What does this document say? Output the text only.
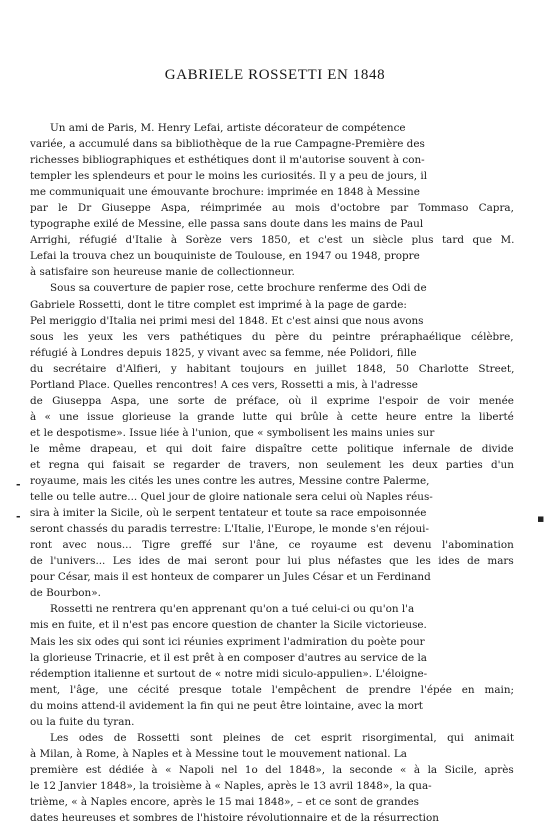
GABRIELE ROSSETTI EN 1848
Un ami de Paris, M. Henry Lefai, artiste décorateur de compétence
variée, a accumulé dans sa bibliothèque de la rue Campagne-Première des
richesses bibliographiques et esthétiques dont il m'autorise souvent à con-
templer les splendeurs et pour le moins les curiosités. Il y a peu de jours, il
me communiquait une émouvante brochure: imprimée en 1848 à Messine
par le Dr Giuseppe Aspa, réimprimée au mois d'octobre par Tommaso Capra,
typographe exilé de Messine, elle passa sans doute dans les mains de Paul
Arrighi, réfugié d'Italie à Sorèze vers 1850, et c'est un siècle plus tard que M.
Lefai la trouva chez un bouquiniste de Toulouse, en 1947 ou 1948, propre
à satisfaire son heureuse manie de collectionneur.
Sous sa couverture de papier rose, cette brochure renferme des Odi de
Gabriele Rossetti, dont le titre complet est imprimé à la page de garde:
Pel meriggio d'Italia nei primi mesi del 1848. Et c'est ainsi que nous avons
sous les yeux les vers pathétiques du père du peintre préraphaélique célèbre,
réfugié à Londres depuis 1825, y vivant avec sa femme, née Polidori, fille
du secrétaire d'Alfieri, y habitant toujours en juillet 1848, 50 Charlotte Street,
Portland Place. Quelles rencontres! A ces vers, Rossetti a mis, à l'adresse
de Giuseppa Aspa, une sorte de préface, où il exprime l'espoir de voir menée
à « une issue glorieuse la grande lutte qui brûle à cette heure entre la liberté
et le despotisme». Issue liée à l'union, que « symbolisent les mains unies sur
le même drapeau, et qui doit faire dispaître cette politique infernale de divide
et regna qui faisait se regarder de travers, non seulement les deux parties d'un
royaume, mais les cités les unes contre les autres, Messine contre Palerme,
telle ou telle autre... Quel jour de gloire nationale sera celui où Naples réus-
sira à imiter la Sicile, où le serpent tentateur et toute sa race empoisonnée
seront chassés du paradis terrestre: L'Italie, l'Europe, le monde s'en réjoui-
ront avec nous... Tigre greffé sur l'âne, ce royaume est devenu l'abomination
de l'univers... Les ides de mai seront pour lui plus néfastes que les ides de mars
pour César, mais il est honteux de comparer un Jules César et un Ferdinand
de Bourbon».
Rossetti ne rentrera qu'en apprenant qu'on a tué celui-ci ou qu'on l'a
mis en fuite, et il n'est pas encore question de chanter la Sicile victorieuse.
Mais les six odes qui sont ici réunies expriment l'admiration du poète pour
la glorieuse Trinacrie, et il est prêt à en composer d'autres au service de la
rédemption italienne et surtout de « notre midi siculo-appulien». L'éloigne-
ment, l'âge, une cécité presque totale l'empêchent de prendre l'épée en main;
du moins attend-il avidement la fin qui ne peut être lointaine, avec la mort
ou la fuite du tyran.
Les odes de Rossetti sont pleines de cet esprit risorgimental, qui animait
à Milan, à Rome, à Naples et à Messine tout le mouvement national. La
première est dédiée à « Napoli nel 1o del 1848», la seconde « à la Sicile, après
le 12 Janvier 1848», la troisième à « Naples, après le 13 avril 1848», la qua-
trième, « à Naples encore, après le 15 mai 1848», – et ce sont de grandes
dates heureuses et sombres de l'histoire révolutionnaire et de la résurrection
-
-	▪
